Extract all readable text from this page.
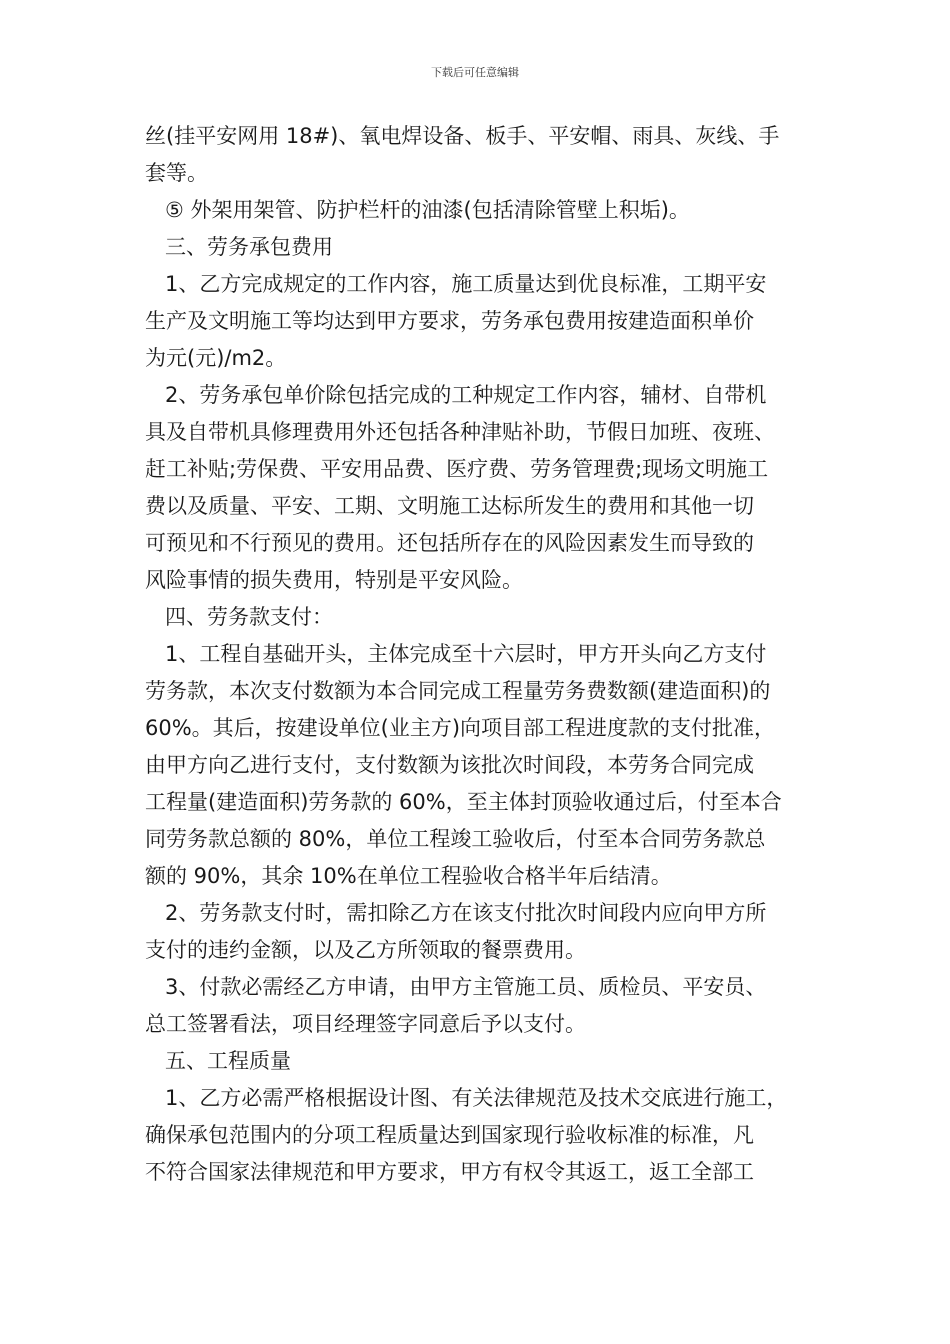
下载后可任意编辑

丝(挂平安网用 18#)、氧电焊设备、板手、平安帽、雨具、灰线、手
套等。

⑤ 外架用架管、防护栏杆的油漆(包括清除管壁上积垢)。

三、劳务承包费用

1、乙方完成规定的工作内容，施工质量达到优良标准，工期平安
生产及文明施工等均达到甲方要求，劳务承包费用按建造面积单价
为元(元)/m2。

2、劳务承包单价除包括完成的工种规定工作内容，辅材、自带机
具及自带机具修理费用外还包括各种津贴补助，节假日加班、夜班、
赶工补贴;劳保费、平安用品费、医疗费、劳务管理费;现场文明施工
费以及质量、平安、工期、文明施工达标所发生的费用和其他一切
可预见和不行预见的费用。还包括所存在的风险因素发生而导致的
风险事情的损失费用，特别是平安风险。

四、劳务款支付：

1、工程自基础开头，主体完成至十六层时，甲方开头向乙方支付
劳务款，本次支付数额为本合同完成工程量劳务费数额(建造面积)的
60%。其后，按建设单位(业主方)向项目部工程进度款的支付批准，
由甲方向乙进行支付，支付数额为该批次时间段，本劳务合同完成
工程量(建造面积)劳务款的 60%，至主体封顶验收通过后，付至本合
同劳务款总额的 80%，单位工程竣工验收后，付至本合同劳务款总
额的 90%，其余 10%在单位工程验收合格半年后结清。

2、劳务款支付时，需扣除乙方在该支付批次时间段内应向甲方所
支付的违约金额，以及乙方所领取的餐票费用。

3、付款必需经乙方申请，由甲方主管施工员、质检员、平安员、
总工签署看法，项目经理签字同意后予以支付。

五、工程质量

1、乙方必需严格根据设计图、有关法律规范及技术交底进行施工，
确保承包范围内的分项工程质量达到国家现行验收标准的标准，凡
不符合国家法律规范和甲方要求，甲方有权令其返工，返工全部工
